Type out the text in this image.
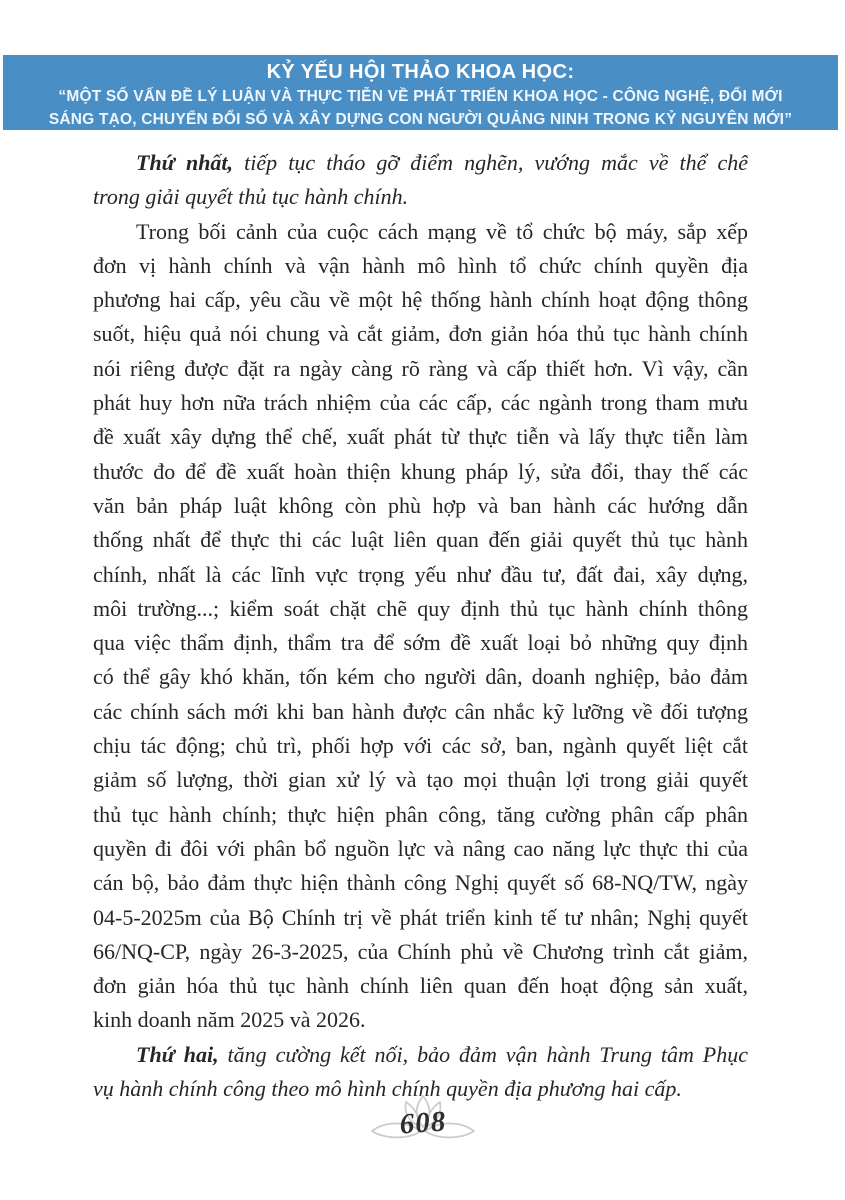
KỶ YẾU HỘI THẢO KHOA HỌC:
“MỘT SỐ VẤN ĐỀ LÝ LUẬN VÀ THỰC TIỄN VỀ PHÁT TRIỂN KHOA HỌC - CÔNG NGHỆ, ĐỔI MỚI
SÁNG TẠO, CHUYỂN ĐỔI SỐ VÀ XÂY DỰNG CON NGƯỜI QUẢNG NINH TRONG KỶ NGUYÊN MỚI”
Thứ nhất, tiếp tục tháo gỡ điểm nghẽn, vướng mắc về thể chế
trong giải quyết thủ tục hành chính.
Trong bối cảnh của cuộc cách mạng về tổ chức bộ máy, sắp xếp
đơn vị hành chính và vận hành mô hình tổ chức chính quyền địa
phương hai cấp, yêu cầu về một hệ thống hành chính hoạt động thông
suốt, hiệu quả nói chung và cắt giảm, đơn giản hóa thủ tục hành chính
nói riêng được đặt ra ngày càng rõ ràng và cấp thiết hơn. Vì vậy, cần
phát huy hơn nữa trách nhiệm của các cấp, các ngành trong tham mưu
đề xuất xây dựng thể chế, xuất phát từ thực tiễn và lấy thực tiễn làm
thước đo để đề xuất hoàn thiện khung pháp lý, sửa đổi, thay thế các
văn bản pháp luật không còn phù hợp và ban hành các hướng dẫn
thống nhất để thực thi các luật liên quan đến giải quyết thủ tục hành
chính, nhất là các lĩnh vực trọng yếu như đầu tư, đất đai, xây dựng,
môi trường...; kiểm soát chặt chẽ quy định thủ tục hành chính thông
qua việc thẩm định, thẩm tra để sớm đề xuất loại bỏ những quy định
có thể gây khó khăn, tốn kém cho người dân, doanh nghiệp, bảo đảm
các chính sách mới khi ban hành được cân nhắc kỹ lưỡng về đối tượng
chịu tác động; chủ trì, phối hợp với các sở, ban, ngành quyết liệt cắt
giảm số lượng, thời gian xử lý và tạo mọi thuận lợi trong giải quyết
thủ tục hành chính; thực hiện phân công, tăng cường phân cấp phân
quyền đi đôi với phân bổ nguồn lực và nâng cao năng lực thực thi của
cán bộ, bảo đảm thực hiện thành công Nghị quyết số 68-NQ/TW, ngày
04-5-2025m của Bộ Chính trị về phát triển kinh tế tư nhân; Nghị quyết
66/NQ-CP, ngày 26-3-2025, của Chính phủ về Chương trình cắt giảm,
đơn giản hóa thủ tục hành chính liên quan đến hoạt động sản xuất,
kinh doanh năm 2025 và 2026.
Thứ hai, tăng cường kết nối, bảo đảm vận hành Trung tâm Phục
vụ hành chính công theo mô hình chính quyền địa phương hai cấp.
608
